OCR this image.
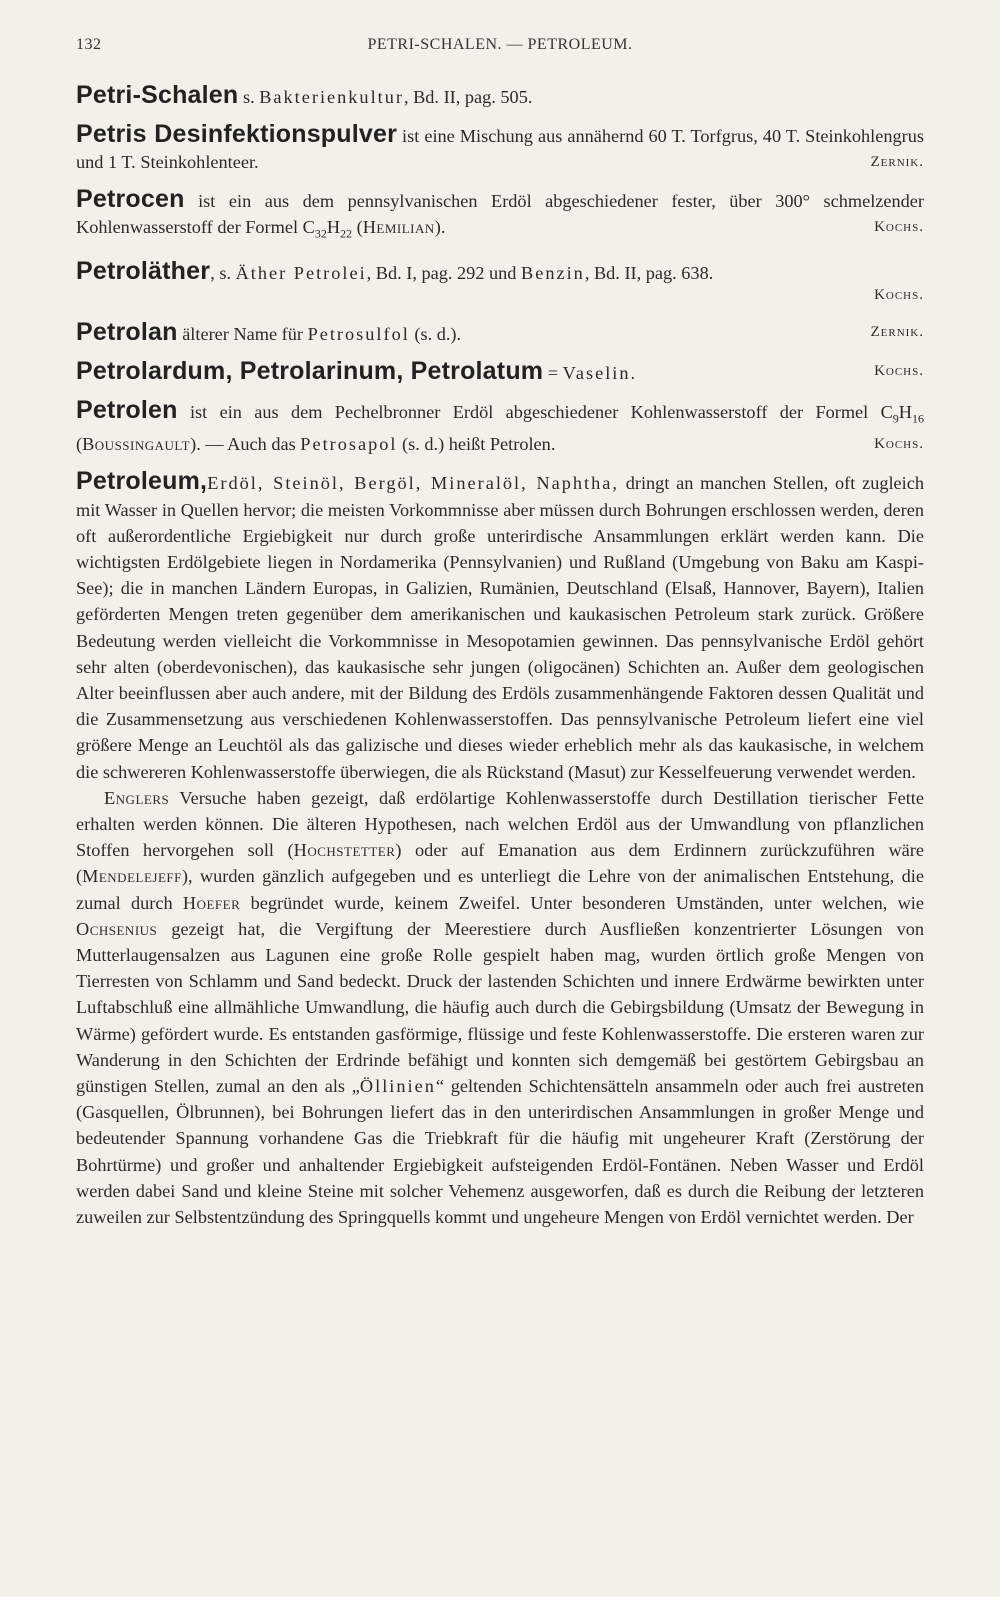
132	PETRI-SCHALEN. — PETROLEUM.

Petri-Schalen s. Bakterienkultur, Bd. II, pag. 505.

Petris Desinfektionspulver ist eine Mischung aus annähernd 60 T. Torfgrus, 40 T. Steinkohlengrus und 1 T. Steinkohlenteer.	Zernik.

Petrocen ist ein aus dem pennsylvanischen Erdöl abgeschiedener fester, über 300° schmelzender Kohlenwasserstoff der Formel $C_{32}H_{22}$ (Hemilian).	Kochs.

Petroläther, s. Äther Petrolei, Bd. I, pag. 292 und Benzin, Bd. II, pag. 638.

Kochs.

Petrolan älterer Name für Petrosulfol (s. d.).	Zernik.

Petrolardum, Petrolarinum, Petrolatum = Vaselin.	Kochs.

Petrolen ist ein aus dem Pechelbronner Erdöl abgeschiedener Kohlenwasserstoff der Formel $C_9H_{16}$ (Boussingault). — Auch das Petrosapol (s. d.) heißt Petrolen.	Kochs.

Petroleum,Erdöl, Steinöl, Bergöl, Mineralöl, Naphtha, dringt an manchen Stellen, oft zugleich mit Wasser in Quellen hervor; die meisten Vorkommnisse aber müssen durch Bohrungen erschlossen werden, deren oft außerordentliche Ergiebigkeit nur durch große unterirdische Ansammlungen erklärt werden kann. Die wichtigsten Erdölgebiete liegen in Nordamerika (Pennsylvanien) und Rußland (Umgebung von Baku am Kaspi-See); die in manchen Ländern Europas, in Galizien, Rumänien, Deutschland (Elsaß, Hannover, Bayern), Italien geförderten Mengen treten gegenüber dem amerikanischen und kaukasischen Petroleum stark zurück. Größere Bedeutung werden vielleicht die Vorkommnisse in Mesopotamien gewinnen. Das pennsylvanische Erdöl gehört sehr alten (oberdevonischen), das kaukasische sehr jungen (oligocänen) Schichten an. Außer dem geologischen Alter beeinflussen aber auch andere, mit der Bildung des Erdöls zusammenhängende Faktoren dessen Qualität und die Zusammensetzung aus verschiedenen Kohlenwasserstoffen. Das pennsylvanische Petroleum liefert eine viel größere Menge an Leuchtöl als das galizische und dieses wieder erheblich mehr als das kaukasische, in welchem die schwereren Kohlenwasserstoffe überwiegen, die als Rückstand (Masut) zur Kesselfeuerung verwendet werden.

Englers Versuche haben gezeigt, daß erdölartige Kohlenwasserstoffe durch Destillation tierischer Fette erhalten werden können. Die älteren Hypothesen, nach welchen Erdöl aus der Umwandlung von pflanzlichen Stoffen hervorgehen soll (Hochstetter) oder auf Emanation aus dem Erdinnern zurückzuführen wäre (Mendelejeff), wurden gänzlich aufgegeben und es unterliegt die Lehre von der animalischen Entstehung, die zumal durch Hoefer begründet wurde, keinem Zweifel. Unter besonderen Umständen, unter welchen, wie Ochsenius gezeigt hat, die Vergiftung der Meerestiere durch Ausfließen konzentrierter Lösungen von Mutterlaugensalzen aus Lagunen eine große Rolle gespielt haben mag, wurden örtlich große Mengen von Tierresten von Schlamm und Sand bedeckt. Druck der lastenden Schichten und innere Erdwärme bewirkten unter Luftabschluß eine allmähliche Umwandlung, die häufig auch durch die Gebirgsbildung (Umsatz der Bewegung in Wärme) gefördert wurde. Es entstanden gasförmige, flüssige und feste Kohlenwasserstoffe. Die ersteren waren zur Wanderung in den Schichten der Erdrinde befähigt und konnten sich demgemäß bei gestörtem Gebirgsbau an günstigen Stellen, zumal an den als „Öllinien“ geltenden Schichtensätteln ansammeln oder auch frei austreten (Gasquellen, Ölbrunnen), bei Bohrungen liefert das in den unterirdischen Ansammlungen in großer Menge und bedeutender Spannung vorhandene Gas die Triebkraft für die häufig mit ungeheurer Kraft (Zerstörung der Bohrtürme) und großer und anhaltender Ergiebigkeit aufsteigenden Erdöl-Fontänen. Neben Wasser und Erdöl werden dabei Sand und kleine Steine mit solcher Vehemenz ausgeworfen, daß es durch die Reibung der letzteren zuweilen zur Selbstentzündung des Springquells kommt und ungeheure Mengen von Erdöl vernichtet werden. Der
